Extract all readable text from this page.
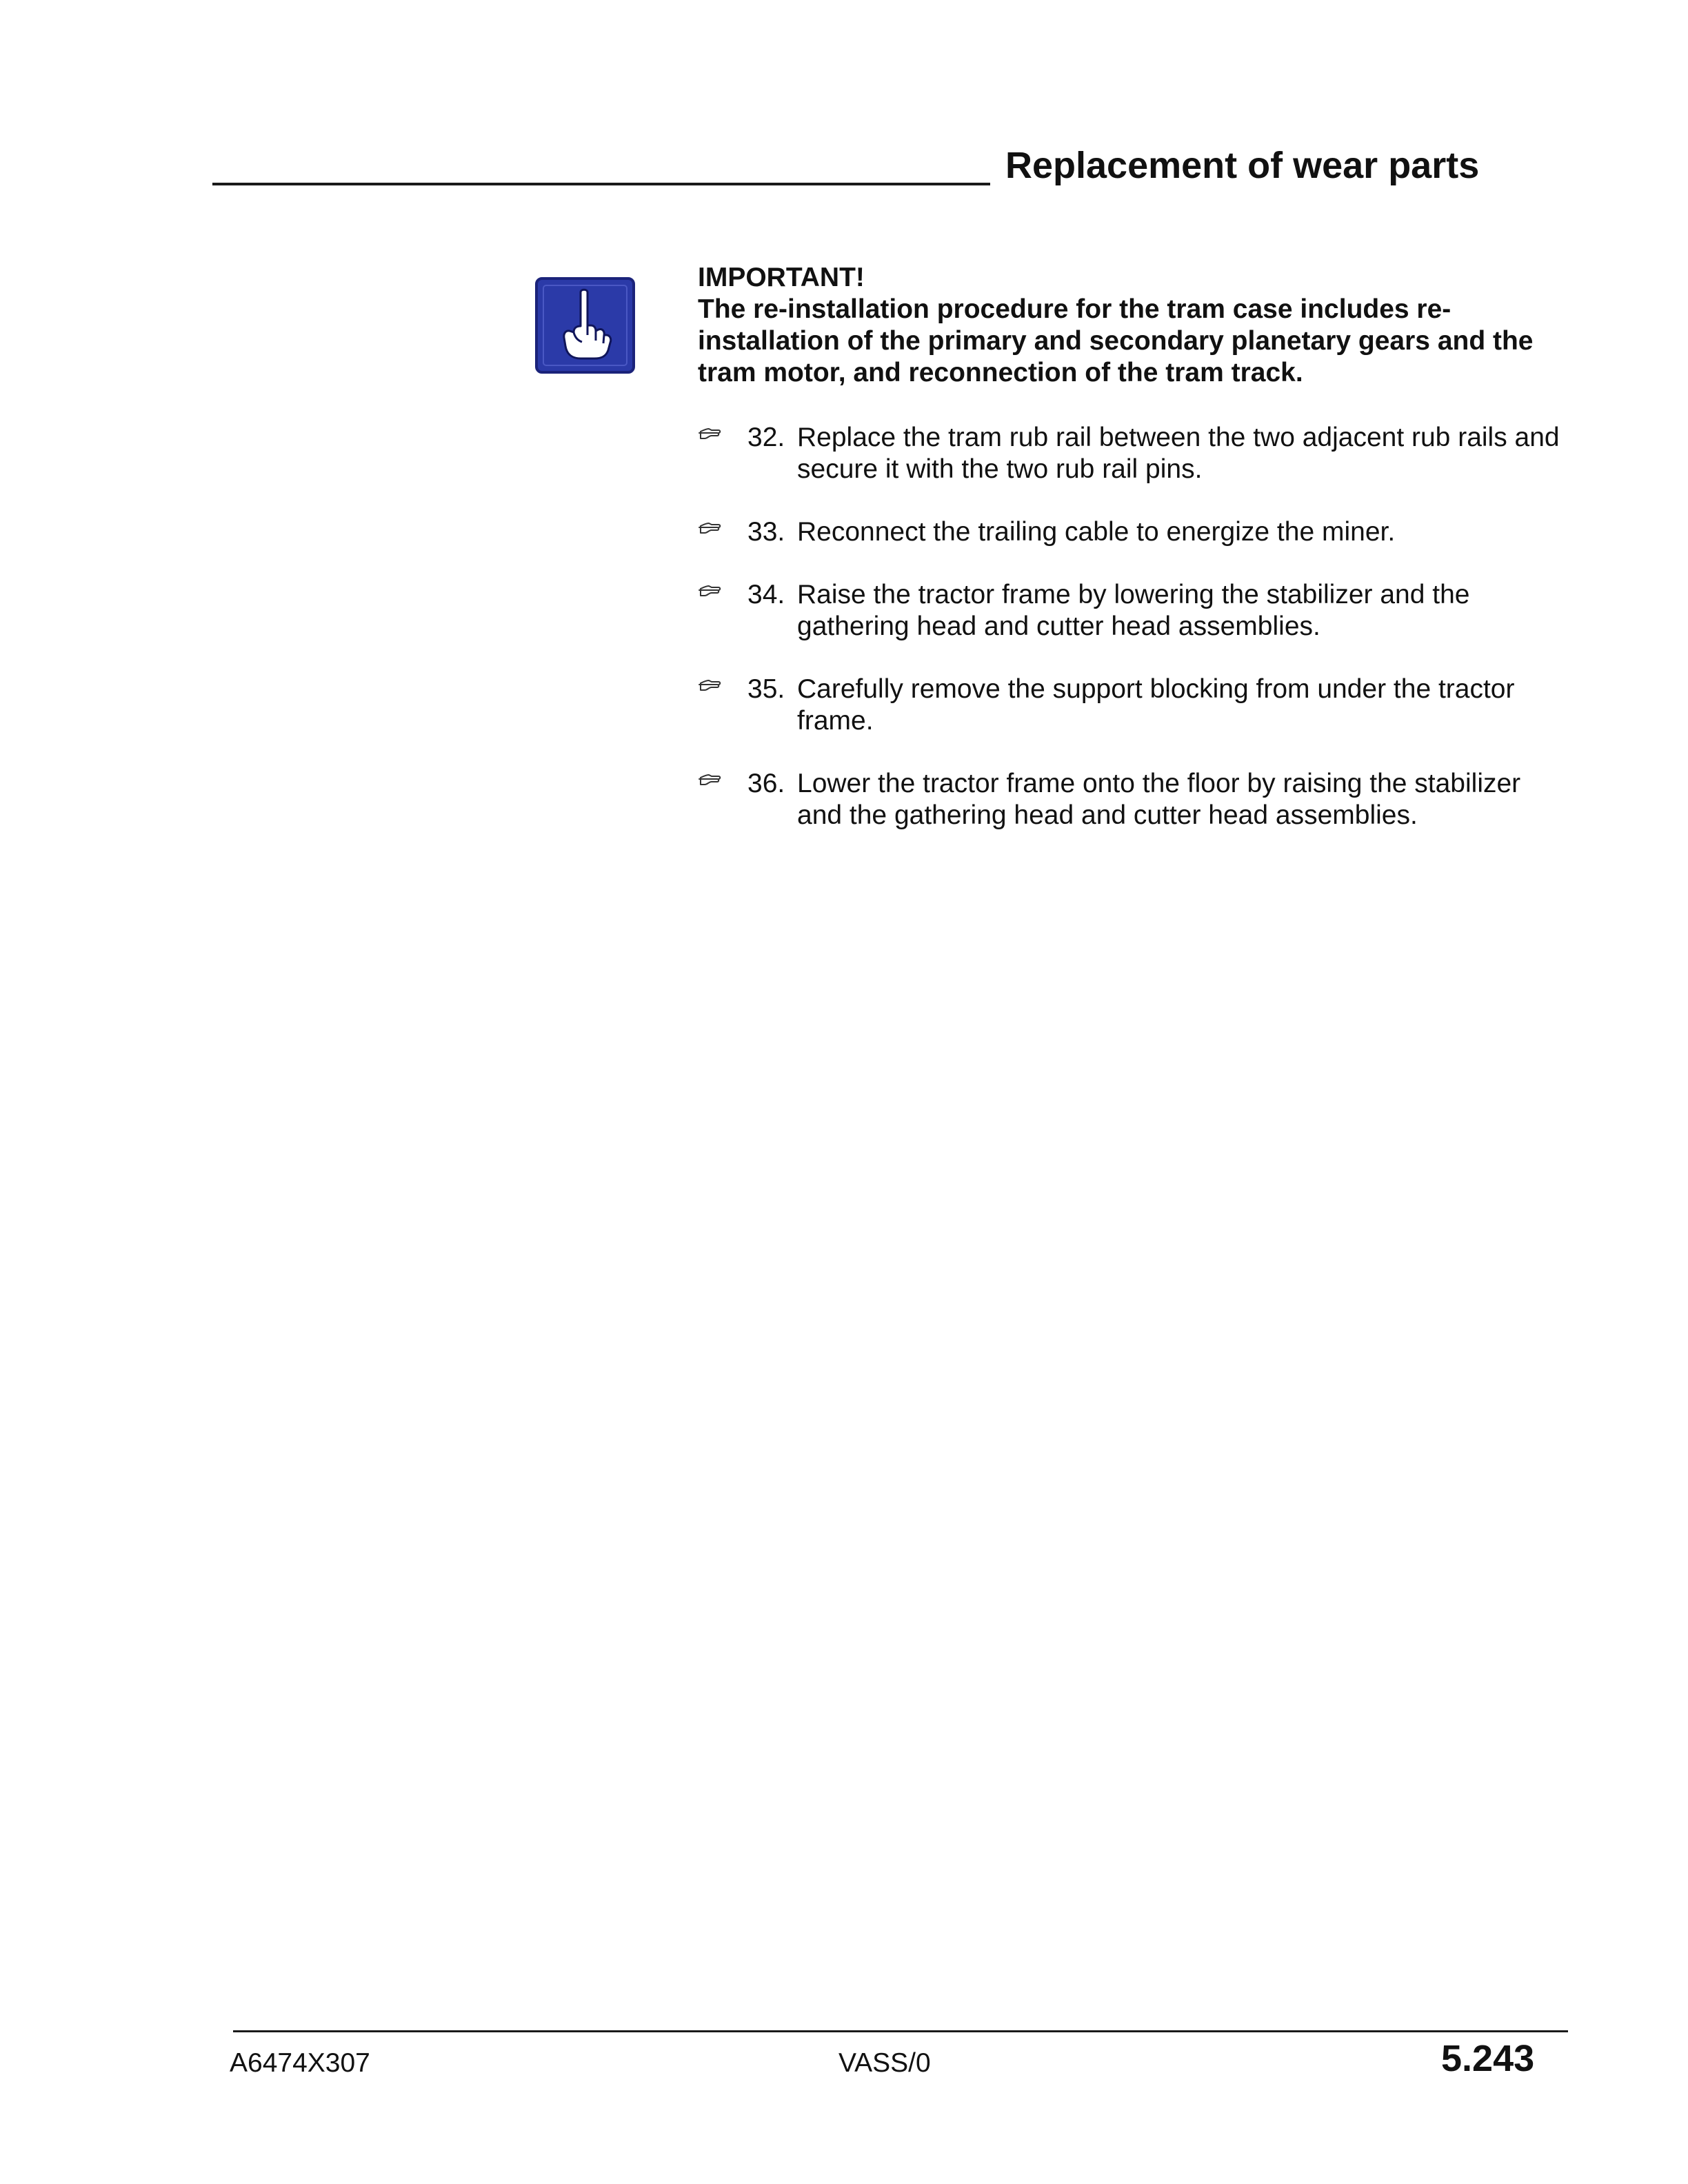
Replacement of wear parts
IMPORTANT!
The re-installation procedure for the tram case includes re-installation of the primary and secondary planetary gears and the tram motor, and reconnection of the tram track.
32. Replace the tram rub rail between the two adjacent rub rails and secure it with the two rub rail pins.
33. Reconnect the trailing cable to energize the miner.
34. Raise the tractor frame by lowering the stabilizer and the gathering head and cutter head assemblies.
35. Carefully remove the support blocking from under the tractor frame.
36. Lower the tractor frame onto the floor by raising the stabilizer and the gathering head and cutter head assemblies.
A6474X307	VASS/0	5.243
